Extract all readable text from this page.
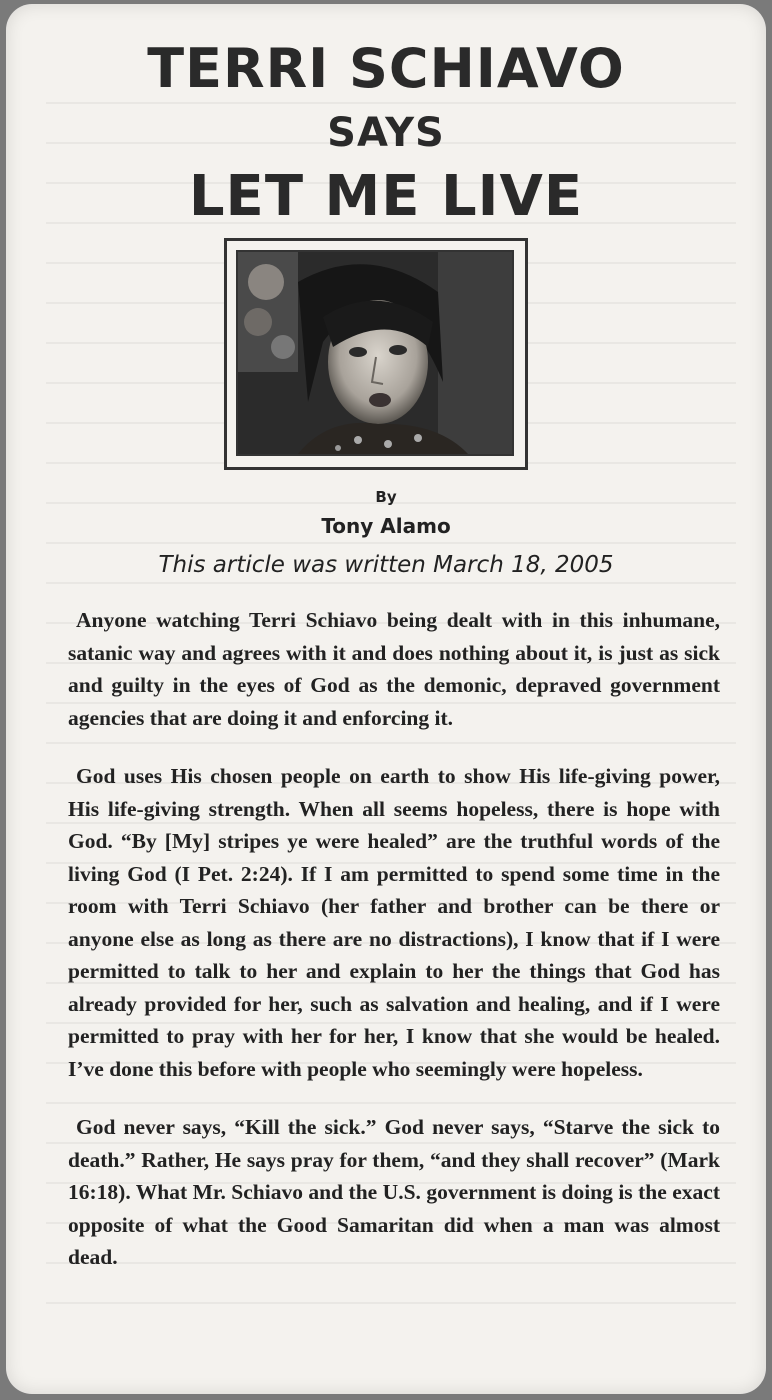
TERRI SCHIAVO
SAYS
LET ME LIVE
By
Tony Alamo
This article was written March 18, 2005

Anyone watching Terri Schiavo being dealt with in this inhumane, satanic way and agrees with it and does nothing about it, is just as sick and guilty in the eyes of God as the demonic, depraved government agencies that are doing it and enforcing it.

God uses His chosen people on earth to show His life-giving power, His life-giving strength. When all seems hopeless, there is hope with God. “By [My] stripes ye were healed” are the truthful words of the living God (I Pet. 2:24). If I am permitted to spend some time in the room with Terri Schiavo (her father and brother can be there or anyone else as long as there are no distractions), I know that if I were permitted to talk to her and explain to her the things that God has already provided for her, such as salvation and healing, and if I were permitted to pray with her for her, I know that she would be healed. I’ve done this before with people who seemingly were hopeless.

God never says, “Kill the sick.” God never says, “Starve the sick to death.” Rather, He says pray for them, “and they shall recover” (Mark 16:18). What Mr. Schiavo and the U.S. government is doing is the exact opposite of what the Good Samaritan did when a man was almost dead.
